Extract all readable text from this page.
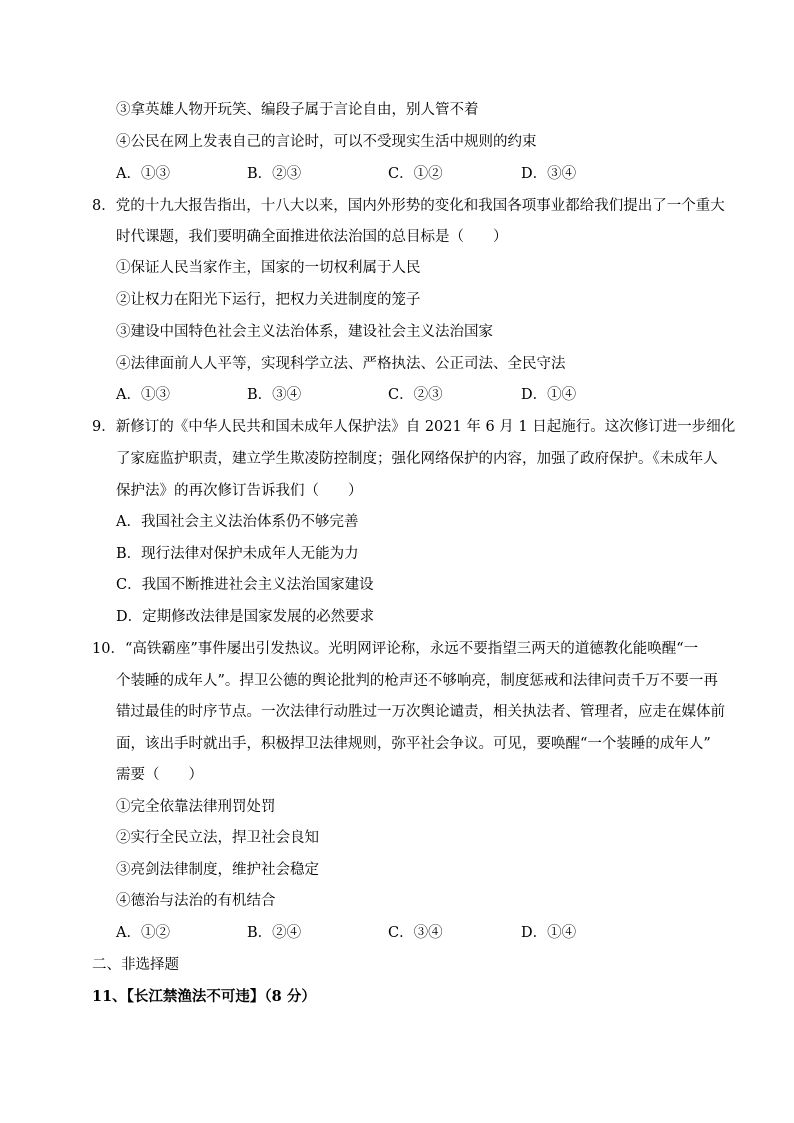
③拿英雄人物开玩笑、编段子属于言论自由，别人管不着
④公民在网上发表自己的言论时，可以不受现实生活中规则的约束
A．①③	B．②③	C．①②	D．③④
8．党的十九大报告指出，十八大以来，国内外形势的变化和我国各项事业都给我们提出了一个重大
时代课题，我们要明确全面推进依法治国的总目标是（　　）
①保证人民当家作主，国家的一切权利属于人民
②让权力在阳光下运行，把权力关进制度的笼子
③建设中国特色社会主义法治体系，建设社会主义法治国家
④法律面前人人平等，实现科学立法、严格执法、公正司法、全民守法
A．①③	B．③④	C．②③	D．①④
9．新修订的《中华人民共和国未成年人保护法》自 2021 年 6 月 1 日起施行。这次修订进一步细化
了家庭监护职责，建立学生欺凌防控制度；强化网络保护的内容，加强了政府保护。《未成年人
保护法》的再次修订告诉我们（　　）
A．我国社会主义法治体系仍不够完善
B．现行法律对保护未成年人无能为力
C．我国不断推进社会主义法治国家建设
D．定期修改法律是国家发展的必然要求
10．“高铁霸座”事件屡出引发热议。光明网评论称，永远不要指望三两天的道德教化能唤醒“一
个装睡的成年人”。捍卫公德的舆论批判的枪声还不够响亮，制度惩戒和法律问责千万不要一再
错过最佳的时序节点。一次法律行动胜过一万次舆论谴责，相关执法者、管理者，应走在媒体前
面，该出手时就出手，积极捍卫法律规则，弥平社会争议。可见，要唤醒“一个装睡的成年人”
需要（　　）
①完全依靠法律刑罚处罚
②实行全民立法，捍卫社会良知
③亮剑法律制度，维护社会稳定
④德治与法治的有机结合
A．①②	B．②④	C．③④	D．①④
二、非选择题
11、【长江禁渔法不可违】（8 分）
